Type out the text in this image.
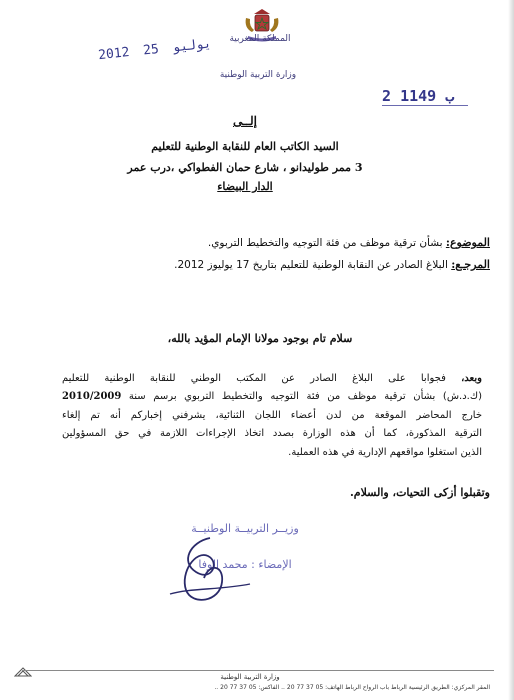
المملكة المغربية
وزارة التربية الوطنية
2012	يوليو 25
2 ب 1149
إلــى
السيد الكاتب العام للنقابة الوطنية للتعليم
3 ممر طوليدانو ، شارع حمان الفطواكي ،درب عمر
الدار البيضاء
الموضوع: بشأن ترقية موظف من فئة التوجيه والتخطيط التربوي.
المرجـع: البلاغ الصادر عن النقابة الوطنية للتعليم بتاريخ 17 يوليوز 2012.
سلام تام بوجود مولانا الإمام المؤيد بالله،
وبعد، فجوابا على البلاغ الصادر عن المكتب الوطني للنقابة الوطنية للتعليم
(ك.د.ش) بشأن ترقية موظف من فئة التوجيه والتخطيط التربوي برسم سنة 2010/2009
خارج المحاضر الموقعة من لدن أعضاء اللجان الثنائية، يشرفني إخباركم أنه تم إلغاء
الترقية المذكورة، كما أن هذه الوزارة بصدد اتخاذ الإجراءات اللازمة في حق المسؤولين
الذين استغلوا مواقعهم الإدارية في هذه العملية.
وتقبلوا أزكى التحيات، والسلام.
وزيــر التربيــة الوطنيــة
الإمضاء : محمد الوفا
وزارة التربية الوطنية
المقر المركزي: الطريق الرئيسية الرباط باب الرواح الرباط الهاتف: 05 37 77 20 .. الفاكس: 05 37 77 20 ..
